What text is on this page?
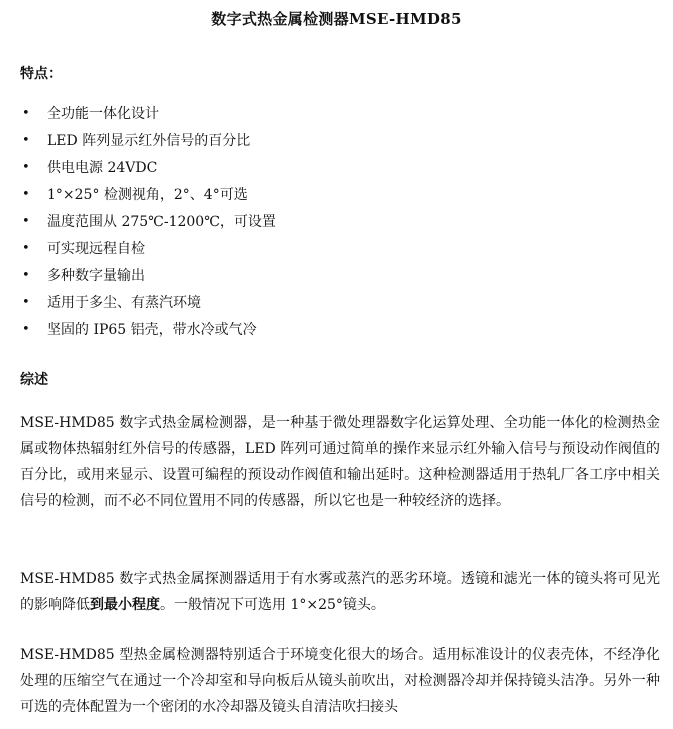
数字式热金属检测器MSE-HMD85
特点：
• 全功能一体化设计
• LED 阵列显示红外信号的百分比
• 供电电源 24VDC
• 1°×25° 检测视角，2°、4°可选
• 温度范围从 275℃-1200℃，可设置
• 可实现远程自检
• 多种数字量输出
• 适用于多尘、有蒸汽环境
• 坚固的 IP65 铝壳，带水冷或气冷
综述

MSE-HMD85 数字式热金属检测器，是一种基于微处理器数字化运算处理、全功能一体化的检测热金属或物体热辐射红外信号的传感器，LED 阵列可通过简单的操作来显示红外输入信号与预设动作阀值的百分比，或用来显示、设置可编程的预设动作阀值和输出延时。这种检测器适用于热轧厂各工序中相关信号的检测，而不必不同位置用不同的传感器，所以它也是一种较经济的选择。

MSE-HMD85 数字式热金属探测器适用于有水雾或蒸汽的恶劣环境。透镜和滤光一体的镜头将可见光的影响降低到最小程度。一般情况下可选用 1°×25°镜头。

MSE-HMD85 型热金属检测器特别适合于环境变化很大的场合。适用标准设计的仪表壳体，不经净化处理的压缩空气在通过一个冷却室和导向板后从镜头前吹出，对检测器冷却并保持镜头洁净。另外一种可选的壳体配置为一个密闭的水冷却器及镜头自清洁吹扫接头
